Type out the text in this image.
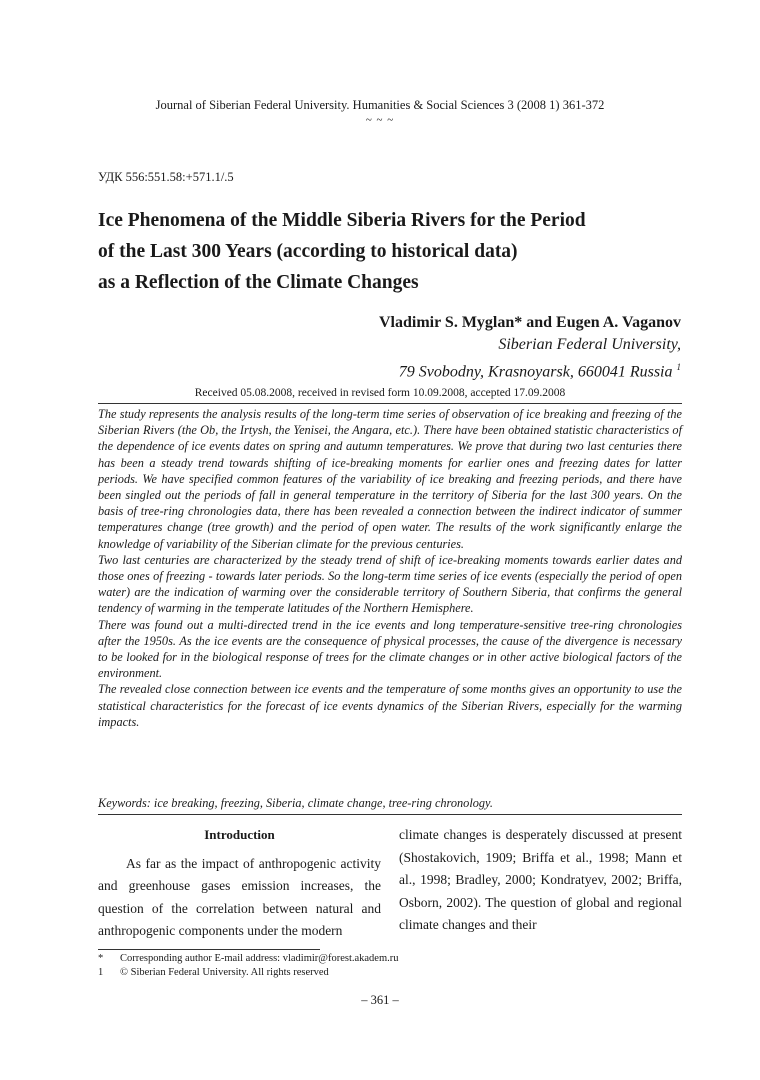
Journal of Siberian Federal University. Humanities & Social Sciences 3 (2008 1) 361-372
~ ~ ~
УДК 556:551.58:+571.1/.5
Ice Phenomena of the Middle Siberia Rivers for the Period
of the Last 300 Years (according to historical data)
as a Reflection of the Climate Changes
Vladimir S. Myglan* and Eugen A. Vaganov
Siberian Federal University,
79 Svobodny, Krasnoyarsk, 660041 Russia $^1$
Received 05.08.2008, received in revised form 10.09.2008, accepted 17.09.2008

The study represents the analysis results of the long-term time series of observation of ice breaking and freezing of the Siberian Rivers (the Ob, the Irtysh, the Yenisei, the Angara, etc.). There have been obtained statistic characteristics of the dependence of ice events dates on spring and autumn temperatures. We prove that during two last centuries there has been a steady trend towards shifting of ice-breaking moments for earlier ones and freezing dates for latter periods. We have specified common features of the variability of ice breaking and freezing periods, and there have been singled out the periods of fall in general temperature in the territory of Siberia for the last 300 years. On the basis of tree-ring chronologies data, there has been revealed a connection between the indirect indicator of summer temperatures change (tree growth) and the period of open water. The results of the work significantly enlarge the knowledge of variability of the Siberian climate for the previous centuries.

Two last centuries are characterized by the steady trend of shift of ice-breaking moments towards earlier dates and those ones of freezing - towards later periods. So the long-term time series of ice events (especially the period of open water) are the indication of warming over the considerable territory of Southern Siberia, that confirms the general tendency of warming in the temperate latitudes of the Northern Hemisphere.

There was found out a multi-directed trend in the ice events and long temperature-sensitive tree-ring chronologies after the 1950s. As the ice events are the consequence of physical processes, the cause of the divergence is necessary to be looked for in the biological response of trees for the climate changes or in other active biological factors of the environment.

The revealed close connection between ice events and the temperature of some months gives an opportunity to use the statistical characteristics for the forecast of ice events dynamics of the Siberian Rivers, especially for the warming impacts.

Keywords: ice breaking, freezing, Siberia, climate change, tree-ring chronology.
Introduction

As far as the impact of anthropogenic activity and greenhouse gases emission increases, the question of the correlation between natural and anthropogenic components under the modern

climate changes is desperately discussed at present (Shostakovich, 1909; Briffa et al., 1998; Mann et al., 1998; Bradley, 2000; Kondratyev, 2002; Briffa, Osborn, 2002). The question of global and regional climate changes and their
*	Corresponding author E-mail address: vladimir@forest.akadem.ru
1	© Siberian Federal University. All rights reserved
– 361 –
